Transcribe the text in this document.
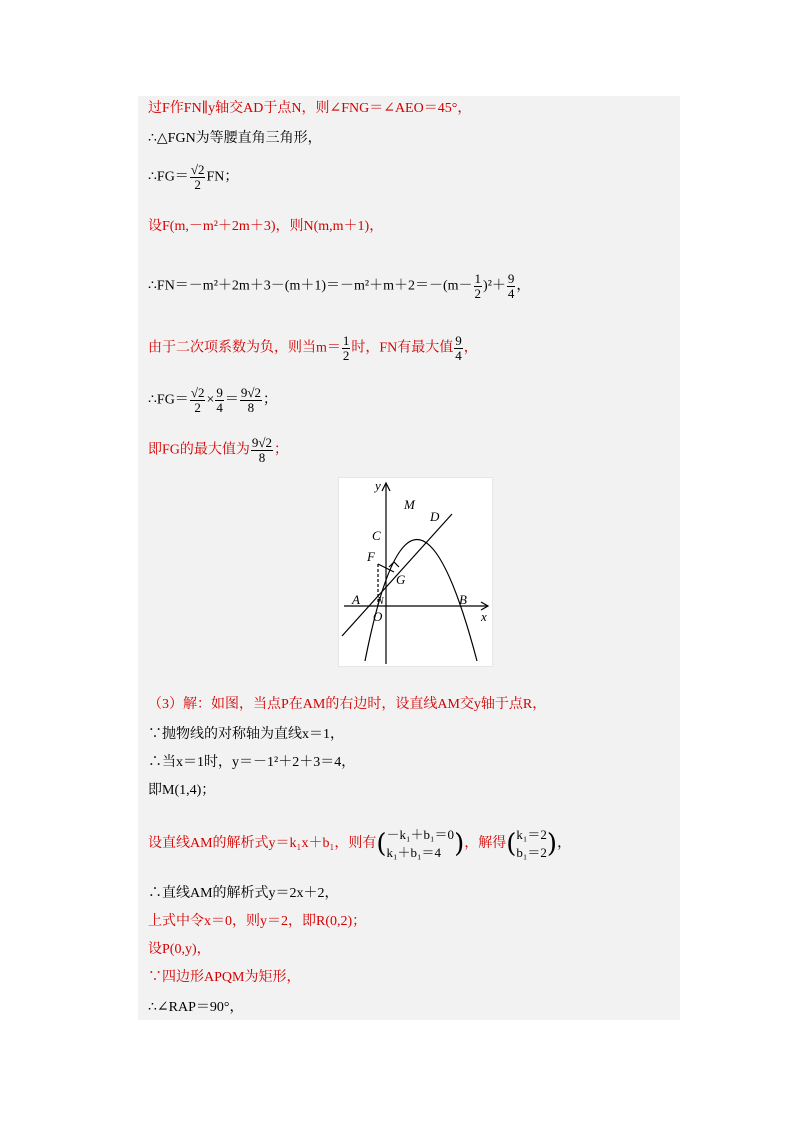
过F作FN∥y轴交AD于点N，则∠FNG＝∠AEO＝45°，
∴△FGN为等腰直角三角形，
∴FG＝ $\frac{√2}{2}$ FN；
设F(m,－m²＋2m＋3)，则N(m,m＋1)，
∴FN＝－m²＋2m＋3－(m＋1)＝－m²＋m＋2＝－(m－ $\frac{1}{2} )^2+ \frac{9}{4}$ ，
由于二次项系数为负，则当$m= \frac{1}{2}$ 时，FN有最大值 $\frac{9}{4}$ ，
∴FG＝ $\frac{√2}{2} \times \frac{9}{4} = \frac{9√2}{8}$ ；
即FG的最大值为 $\frac{9√2}{8}$ ；
y
x
M
D
C
F
G
A N
O
B
（3）解：如图，当点P在AM的右边时，设直线AM交y轴于点R，
∵抛物线的对称轴为直线x＝1，
∴当x＝1时，y＝－1²＋2＋3＝4，
即M(1,4)；
设直线AM的解析式y＝k₁x＋b₁，则有( －k₁＋b₁＝0
k₁＋b₁＝4 )，解得( k₁＝2
b₁＝2 )，
∴直线AM的解析式y＝2x＋2，
上式中令x＝0，则y＝2，即R(0,2)；
设P(0,y)，
∵四边形APQM为矩形，
∴∠RAP＝90°，
